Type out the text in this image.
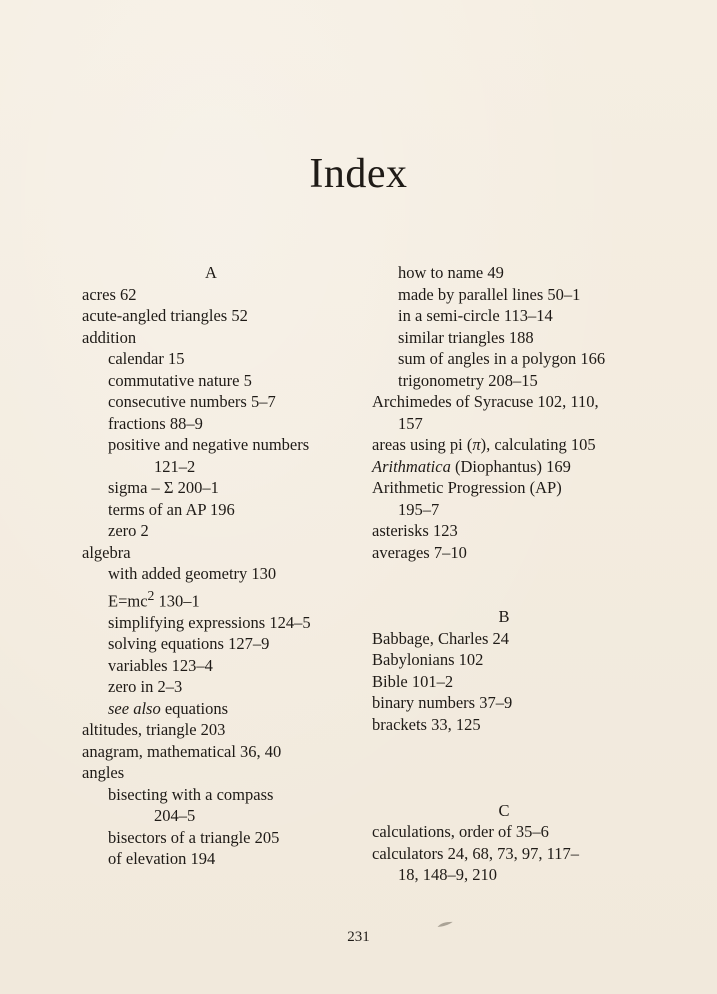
Index
A
acres 62
acute-angled triangles 52
addition
calendar 15
commutative nature 5
consecutive numbers 5–7
fractions 88–9
positive and negative numbers
121–2
sigma – Σ 200–1
terms of an AP 196
zero 2
algebra
with added geometry 130
$E=mc^2$ 130–1
simplifying expressions 124–5
solving equations 127–9
variables 123–4
zero in 2–3
see also equations
altitudes, triangle 203
anagram, mathematical 36, 40
angles
bisecting with a compass
204–5
bisectors of a triangle 205
of elevation 194
how to name 49
made by parallel lines 50–1
in a semi-circle 113–14
similar triangles 188
sum of angles in a polygon 166
trigonometry 208–15
Archimedes of Syracuse 102, 110,
157
areas using pi (π), calculating 105
Arithmatica (Diophantus) 169
Arithmetic Progression (AP)
195–7
asterisks 123
averages 7–10
B
Babbage, Charles 24
Babylonians 102
Bible 101–2
binary numbers 37–9
brackets 33, 125
C
calculations, order of 35–6
calculators 24, 68, 73, 97, 117–
18, 148–9, 210
231
